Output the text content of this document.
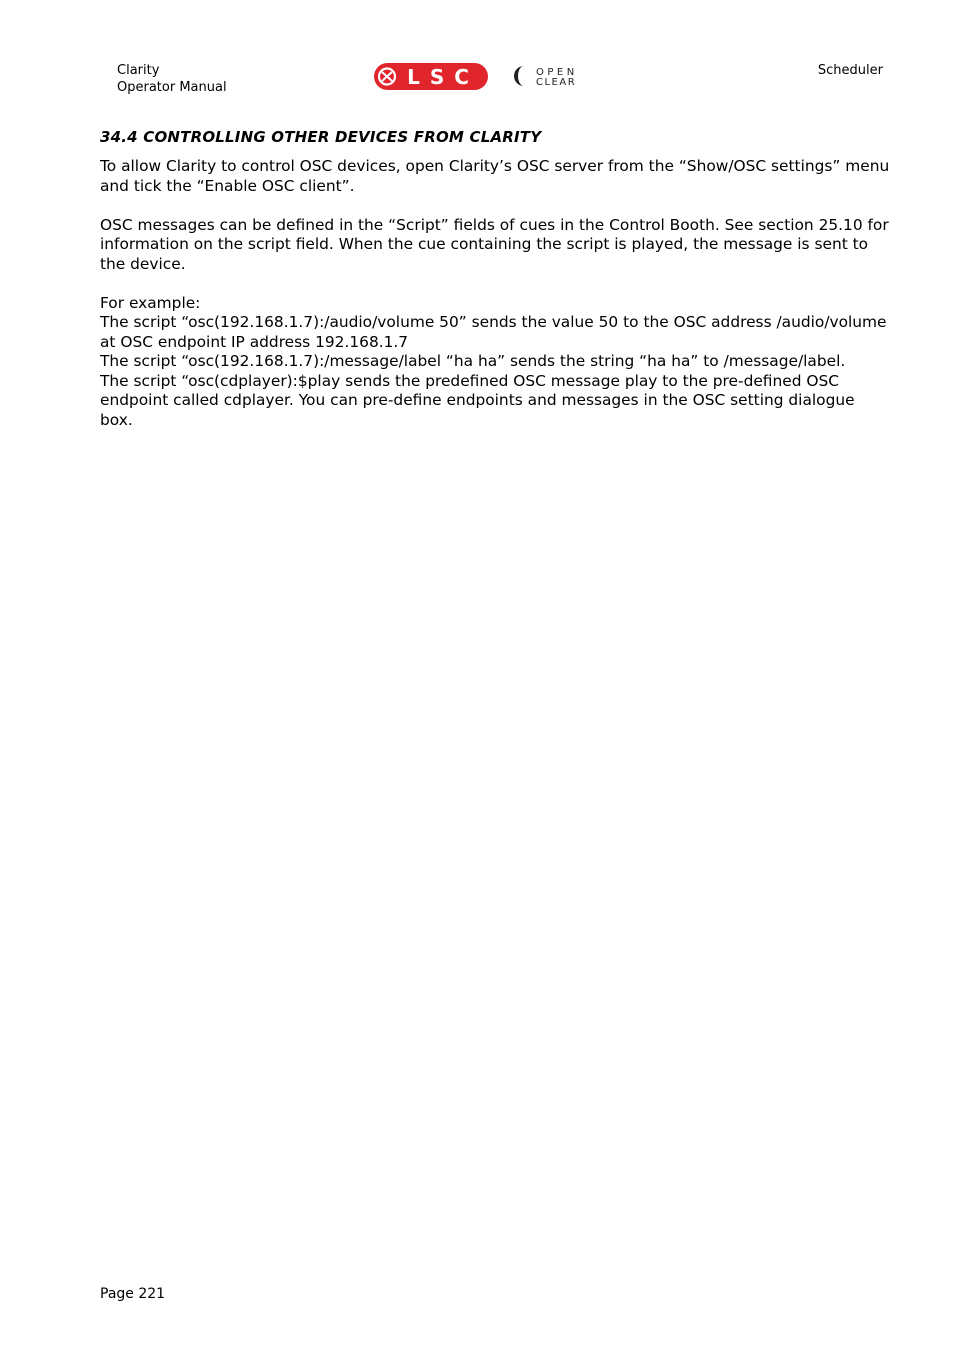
Clarity
Operator Manual	LSC	OPEN
CLEAR
Scheduler
34.4 CONTROLLING OTHER DEVICES FROM CLARITY

To allow Clarity to control OSC devices, open Clarity’s OSC server from the “Show/OSC settings” menu and tick the “Enable OSC client”.

OSC messages can be defined in the “Script” fields of cues in the Control Booth. See section 25.10 for information on the script field. When the cue containing the script is played, the message is sent to the device.

For example:

The script “osc(192.168.1.7):/audio/volume 50” sends the value 50 to the OSC address /audio/volume at OSC endpoint IP address 192.168.1.7

The script “osc(192.168.1.7):/message/label “ha ha” sends the string “ha ha” to /message/label.

The script “osc(cdplayer):$play sends the predefined OSC message play to the pre-defined OSC endpoint called cdplayer. You can pre-define endpoints and messages in the OSC setting dialogue box.

Page 221
